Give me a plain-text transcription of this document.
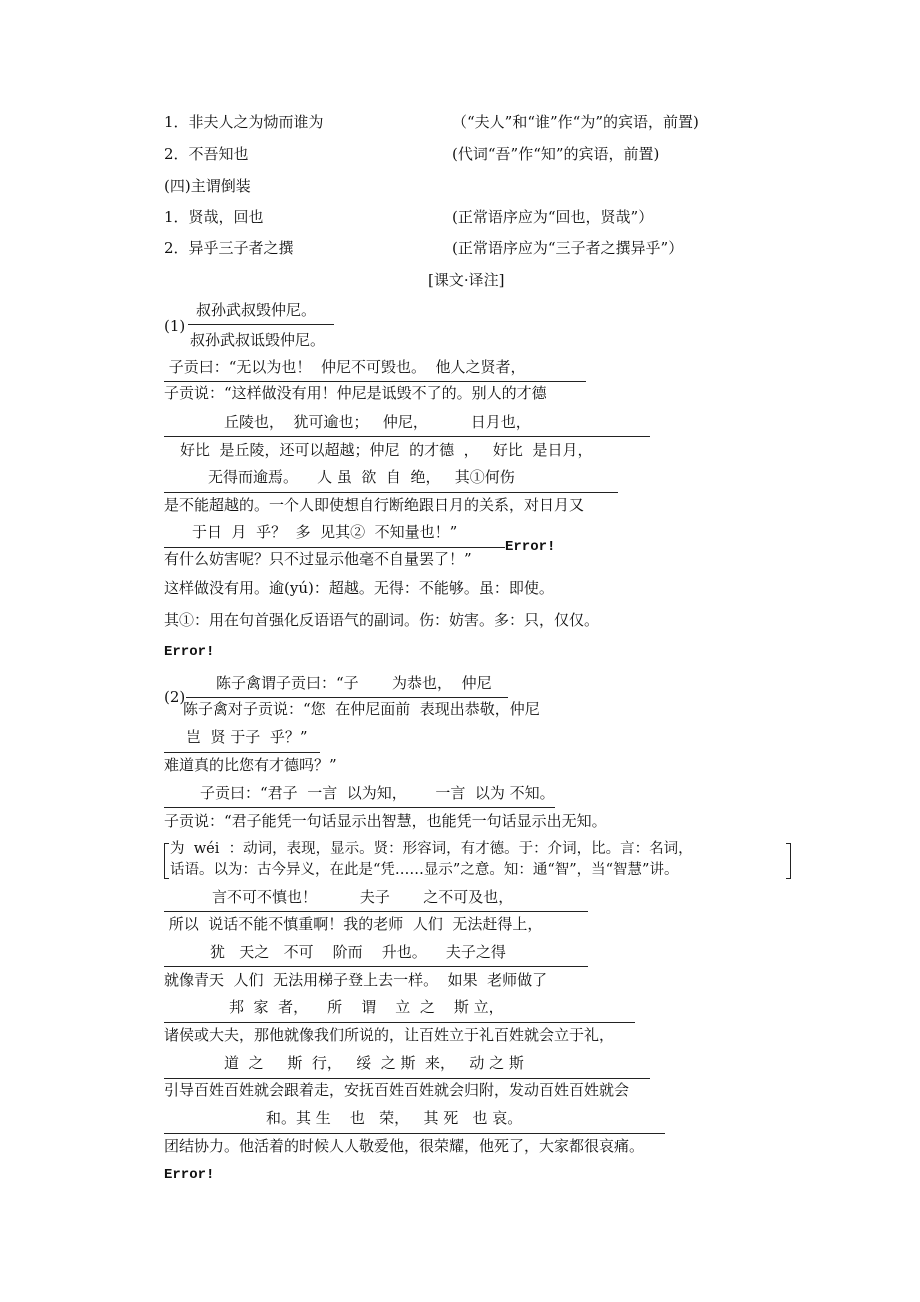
1．非夫人之为恸而谁为	（“夫人”和“谁”作“为”的宾语，前置)
2．不吾知也	(代词“吾”作“知”的宾语，前置)
(四)主谓倒装
1．贤哉，回也	(正常语序应为“回也，贤哉”）
2．异乎三子者之撰	(正常语序应为“三子者之撰异乎”）
[课文·译注]
(1)
叔孙武叔毁仲尼。
叔孙武叔诋毁仲尼。
子贡曰：“无以为也！  仲尼不可毁也。  他人之贤者，
子贡说：“这样做没有用！仲尼是诋毁不了的。别人的才德
丘陵也，  犹可逾也；   仲尼，         日月也，
好比  是丘陵，还可以超越；仲尼  的才德  ，   好比  是日月，
无得而逾焉。    人 虽  欲  自  绝，   其①何伤
是不能超越的。一个人即使想自行断绝跟日月的关系，对日月又
于日  月  乎？  多  见其②  不知量也！”
Error!
有什么妨害呢？只不过显示他毫不自量罢了！”
这样做没有用。逾(yú)：超越。无得：不能够。虽：即使。
其①：用在句首强化反语语气的副词。伤：妨害。多：只，仅仅。
Error!
(2)
陈子禽谓子贡曰：“子       为恭也，  仲尼
陈子禽对子贡说：“您  在仲尼面前  表现出恭敬，仲尼
岂  贤 于子  乎？”
难道真的比您有才德吗？”
子贡曰：“君子  一言  以为知，      一言  以为 不知。
子贡说：“君子能凭一句话显示出智慧，也能凭一句话显示出无知。
为  wéi  ：动词，表现，显示。贤：形容词，有才德。于：介词，比。言：名词，
话语。以为：古今异义，在此是“凭……显示”之意。知：通“智”，当“智慧”讲。
言不可不慎也！         夫子       之不可及也，
所以  说话不能不慎重啊！我的老师  人们  无法赶得上，
犹   天之   不可    阶而    升也。    夫子之得
就像青天  人们  无法用梯子登上去一样。  如果  老师做了
邦  家  者，    所    谓    立  之    斯 立，
诸侯或大夫，那他就像我们所说的，让百姓立于礼百姓就会立于礼，
道  之     斯  行，   绥  之 斯  来，   动 之 斯
引导百姓百姓就会跟着走，安抚百姓百姓就会归附，发动百姓百姓就会
和。其 生    也   荣，   其 死   也 哀。
团结协力。他活着的时候人人敬爱他，很荣耀，他死了，大家都很哀痛。
Error!
